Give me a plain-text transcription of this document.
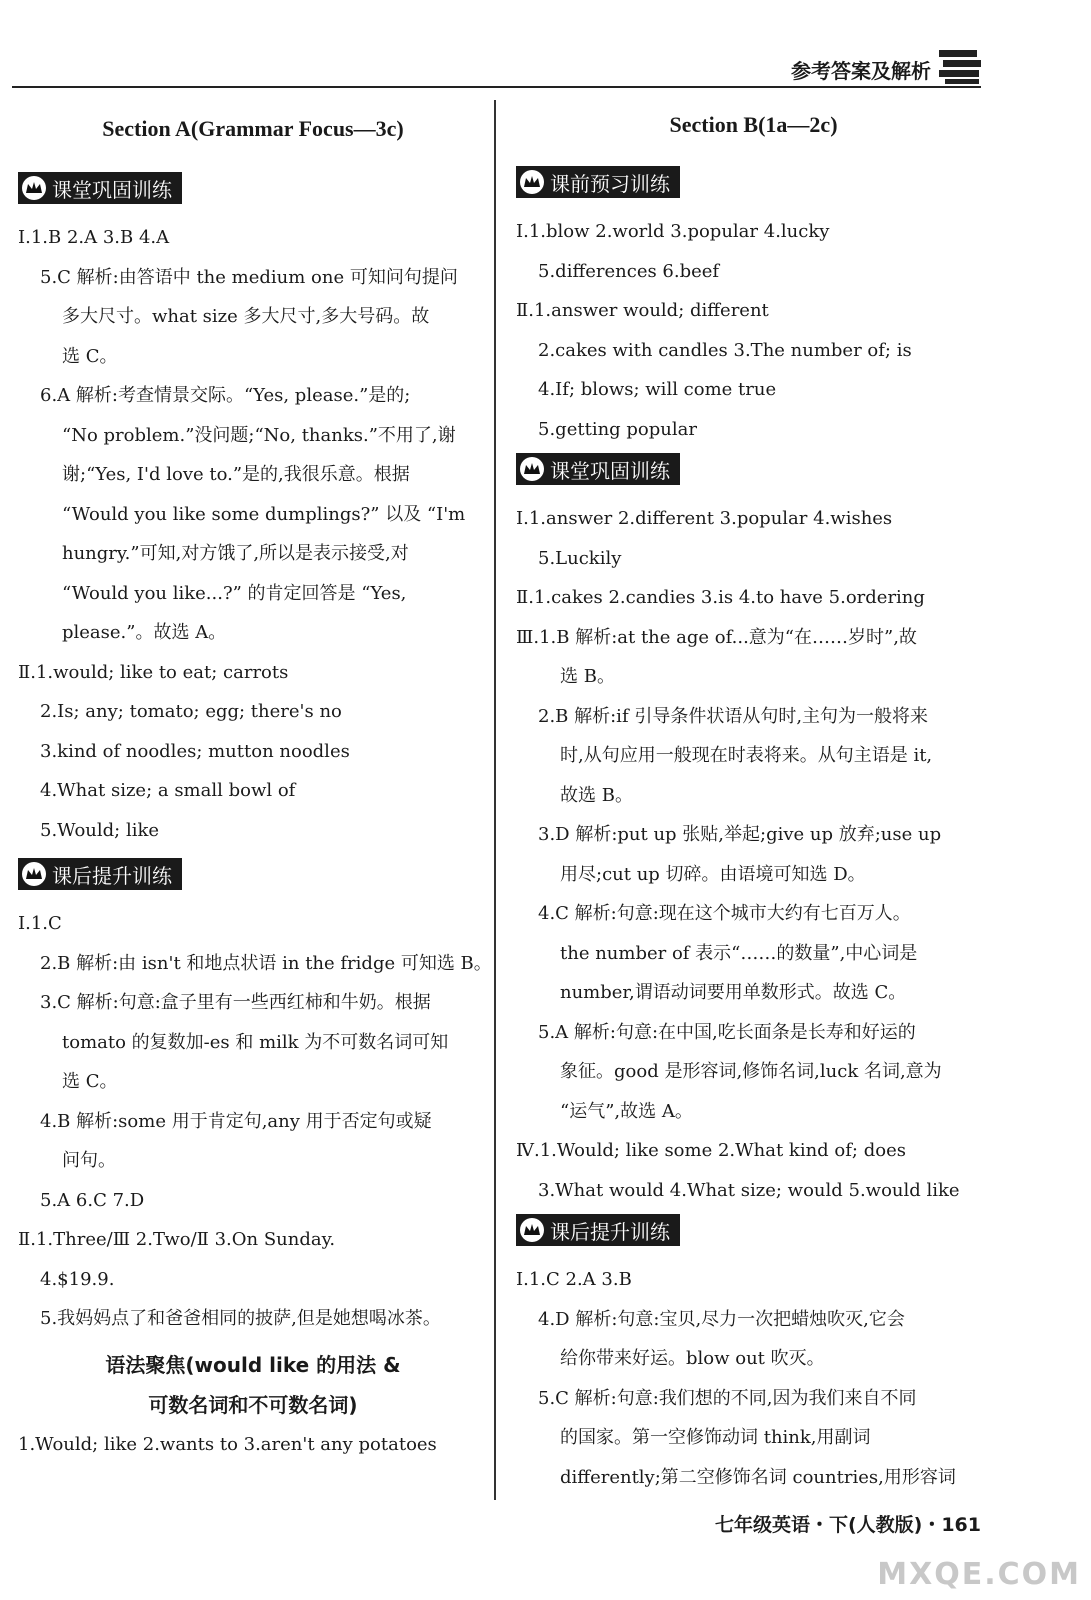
参考答案及解析
Section A(Grammar Focus—3c)
课堂巩固训练
Ⅰ.1.B 2.A 3.B 4.A
5.C 解析:由答语中 the medium one 可知问句提问
多大尺寸。what size 多大尺寸,多大号码。故
选 C。
6.A 解析:考查情景交际。“Yes, please.”是的;
“No problem.”没问题;“No, thanks.”不用了,谢
谢;“Yes, I'd love to.”是的,我很乐意。根据
“Would you like some dumplings?” 以及 “I'm
hungry.”可知,对方饿了,所以是表示接受,对
“Would you like...?” 的肯定回答是 “Yes,
please.”。故选 A。
Ⅱ.1.would; like to eat; carrots
2.Is; any; tomato; egg; there's no
3.kind of noodles; mutton noodles
4.What size; a small bowl of
5.Would; like
课后提升训练
Ⅰ.1.C
2.B 解析:由 isn't 和地点状语 in the fridge 可知选 B。
3.C 解析:句意:盒子里有一些西红柿和牛奶。根据
tomato 的复数加-es 和 milk 为不可数名词可知
选 C。
4.B 解析:some 用于肯定句,any 用于否定句或疑
问句。
5.A 6.C 7.D
Ⅱ.1.Three/Ⅲ 2.Two/Ⅱ 3.On Sunday.
4.$19.9.
5.我妈妈点了和爸爸相同的披萨,但是她想喝冰茶。
语法聚焦(would like 的用法 &
可数名词和不可数名词)
1.Would; like 2.wants to 3.aren't any potatoes
Section B(1a—2c)
课前预习训练
Ⅰ.1.blow 2.world 3.popular 4.lucky
5.differences 6.beef
Ⅱ.1.answer would; different
2.cakes with candles 3.The number of; is
4.If; blows; will come true
5.getting popular
课堂巩固训练
Ⅰ.1.answer 2.different 3.popular 4.wishes
5.Luckily
Ⅱ.1.cakes 2.candies 3.is 4.to have 5.ordering
Ⅲ.1.B 解析:at the age of...意为“在……岁时”,故
选 B。
2.B 解析:if 引导条件状语从句时,主句为一般将来
时,从句应用一般现在时表将来。从句主语是 it,
故选 B。
3.D 解析:put up 张贴,举起;give up 放弃;use up
用尽;cut up 切碎。由语境可知选 D。
4.C 解析:句意:现在这个城市大约有七百万人。
the number of 表示“……的数量”,中心词是
number,谓语动词要用单数形式。故选 C。
5.A 解析:句意:在中国,吃长面条是长寿和好运的
象征。good 是形容词,修饰名词,luck 名词,意为
“运气”,故选 A。
Ⅳ.1.Would; like some 2.What kind of; does
3.What would 4.What size; would 5.would like
课后提升训练
Ⅰ.1.C 2.A 3.B
4.D 解析:句意:宝贝,尽力一次把蜡烛吹灭,它会
给你带来好运。blow out 吹灭。
5.C 解析:句意:我们想的不同,因为我们来自不同
的国家。第一空修饰动词 think,用副词
differently;第二空修饰名词 countries,用形容词
七年级英语・下(人教版)・161
MXQE.COM
